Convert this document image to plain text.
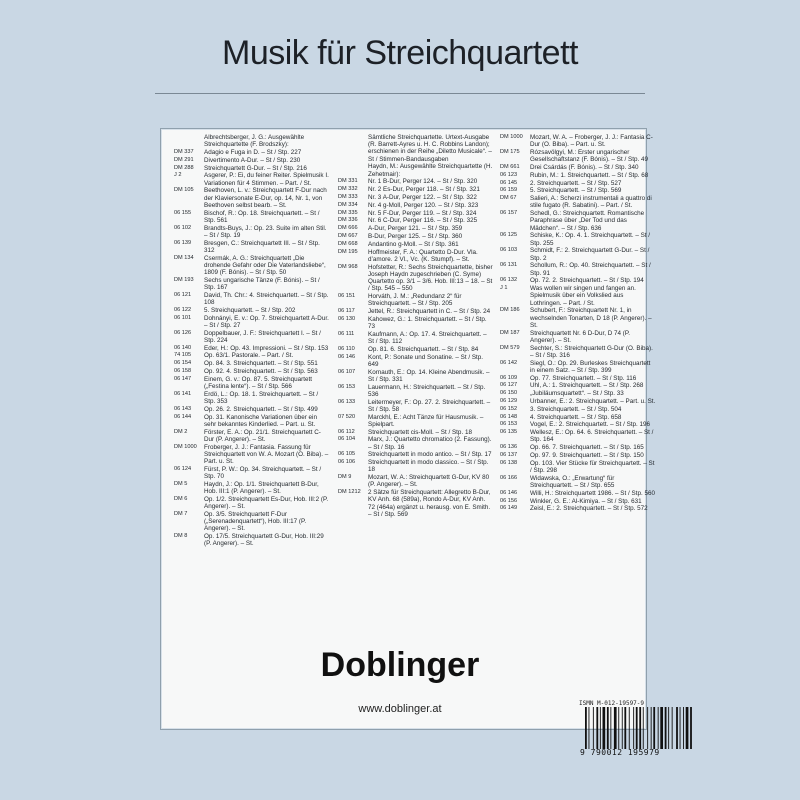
Musik für Streichquartett
Albrechtsberger, J. G.: Ausgewählte Streichquartette (F. Brodszky):
DM 337	Adagio e Fuga in D. – St / Stp. 227
DM 291	Divertimento A-Dur. – St / Stp. 230
DM 288	Streichquartett G-Dur. – St / Stp. 216
J 2	Asgerer, P.: Ei, du feiner Reiter. Spielmusik I. Variationen für 4 Stimmen. – Part. / St.
DM 105	Beethoven, L. v.: Streichquartett F-Dur nach der Klaviersonate E-Dur, op. 14, Nr. 1, von Beethoven selbst bearb. – St.
06 155	Bischof, R.: Op. 18. Streichquartett. – St / Stp. 561
06 102	Brandts-Buys, J.: Op. 23. Suite im alten Stil. – St / Stp. 19
06 139	Bresgen, C.: Streichquartett III. – St / Stp. 312
DM 134	Csermák, A. G.: Streichquartett „Die drohende Gefahr oder Die Vaterlandsliebe“, 1809 (F. Bónis). – St / Stp. 50
DM 193	Sechs ungarische Tänze (F. Bónis). – St / Stp. 167
06 121	David, Th. Chr.: 4. Streichquartett. – St / Stp. 108
06 122	5. Streichquartett. – St / Stp. 202
06 101	Dohnányi, E. v.: Op. 7. Streichquartett A-Dur. – St / Stp. 27
06 126	Doppelbauer, J. F.: Streichquartett I. – St / Stp. 224
06 140	Eder, H.: Op. 43. Impressioni. – St / Stp. 153
74 105	Op. 63/1. Pastorale. – Part. / St.
06 154	Op. 84. 3. Streichquartett. – St / Stp. 551
06 158	Op. 92. 4. Streichquartett. – St / Stp. 563
06 147	Einem, G. v.: Op. 87. 5. Streichquartett („Festina lente“). – St / Stp. 566
06 141	Erdö, L.: Op. 18. 1. Streichquartett. – St / Stp. 353
06 143	Op. 26. 2. Streichquartett. – St / Stp. 499
06 144	Op. 31. Kanonische Variationen über ein sehr bekanntes Kinderlied. – Part. u. St.
DM 2	Förster, E. A.: Op. 21/1. Streichquartett C-Dur (P. Angerer). – St.
DM 1000	Froberger, J. J.: Fantasia. Fassung für Streichquartett von W. A. Mozart (O. Biba). – Part. u. St.
06 124	Fürst, P. W.: Op. 34. Streichquartett. – St / Stp. 70
DM 5	Haydn, J.: Op. 1/1. Streichquartett B-Dur, Hob. III:1 (P. Angerer). – St.
DM 6	Op. 1/2. Streichquartett Es-Dur, Hob. III:2 (P. Angerer). – St.
DM 7	Op. 3/5. Streichquartett F-Dur („Serenadenquartett“), Hob. III:17 (P. Angerer). – St.
DM 8	Op. 17/5. Streichquartett G-Dur, Hob. III:29 (P. Angerer). – St.
Sämtliche Streichquartette. Urtext-Ausgabe (R. Barrett-Ayres u. H. C. Robbins Landon); erschienen in der Reihe „Diletto Musicale“. – St / Stimmen-Bandausgaben
Haydn, M.: Ausgewählte Streichquartette (H. Zehetmair):
DM 331	Nr. 1 B-Dur, Perger 124. – St / Stp. 320
DM 332	Nr. 2 Es-Dur, Perger 118. – St / Stp. 321
DM 333	Nr. 3 A-Dur, Perger 122. – St / Stp. 322
DM 334	Nr. 4 g-Moll, Perger 120. – St / Stp. 323
DM 335	Nr. 5 F-Dur, Perger 119. – St / Stp. 324
DM 336	Nr. 6 C-Dur, Perger 116. – St / Stp. 325
DM 666	A-Dur, Perger 121. – St / Stp. 359
DM 667	B-Dur, Perger 125. – St / Stp. 360
DM 668	Andantino g-Moll. – St / Stp. 361
DM 195	Hoffmeister, F. A.: Quartetto D-Dur. Vla. d’amore. 2 Vl., Vc. (K. Stumpf). – St.
DM 968	Hofstetter, R.: Sechs Streichquartette, bisher Joseph Haydn zugeschrieben (C. Syme) Quartetto op. 3/1 – 3/6. Hob. III:13 – 18. – St / Stp. 545 – 550
06 151	Horváth, J. M.: „Redundanz 2“ für Streichquartett. – St / Stp. 205
06 117	Jettel, R.: Streichquartett in C. – St / Stp. 24
06 130	Kahowez, G.: 1. Streichquartett. – St / Stp. 73
06 111	Kaufmann, A.: Op. 17. 4. Streichquartett. – St / Stp. 112
06 110	Op. 81. 6. Streichquartett. – St / Stp. 84
06 146	Kont, P.: Sonate und Sonatine. – St / Stp. 649
06 107	Kornauth, E.: Op. 14. Kleine Abendmusik. – St / Stp. 331
06 153	Lauermann, H.: Streichquartett. – St / Stp. 536
06 133	Leitermeyer, F.: Op. 27. 2. Streichquartett. – St / Stp. 58
07 520	Marckhl, E.: Acht Tänze für Hausmusik. – Spielpart.
06 112	Streichquartett cis-Moll. – St / Stp. 18
06 104	Marx, J.: Quartetto chromatico (2. Fassung). – St / Stp. 16
06 105	Streichquartett in modo antico. – St / Stp. 17
06 106	Streichquartett in modo classico. – St / Stp. 18
DM 9	Mozart, W. A.: Streichquartett G-Dur, KV 80 (P. Angerer). – St.
DM 1212	2 Sätze für Streichquartett: Allegretto B-Dur, KV Anh. 68 (589a), Rondo A-Dur, KV Anh. 72 (464a) ergänzt u. herausg. von E. Smith. – St / Stp. 569
DM 1000	Mozart, W. A. – Froberger, J. J.: Fantasia C-Dur (O. Biba). – Part. u. St.
DM 175	Rózsavölgyi, M.: Erster ungarischer Gesellschaftstanz (F. Bónis). – St / Stp. 49
DM 661	Drei Csárdás (F. Bónis). – St / Stp. 340
06 123	Rubin, M.: 1. Streichquartett. – St / Stp. 68
06 145	2. Streichquartett. – St / Stp. 527
06 159	5. Streichquartett. – St / Stp. 569
DM 67	Salieri, A.: Scherzi instrumentali a quattro di stile fugato (R. Sabatini). – Part. / St.
06 157	Schedl, G.: Streichquartett. Romantische Paraphrase über „Der Tod und das Mädchen“. – St / Stp. 636
06 125	Schiske, K.: Op. 4. 1. Streichquartett. – St / Stp. 255
06 103	Schmidt, F.: 2. Streichquartett G-Dur. – St / Stp. 2
06 131	Schollum, R.: Op. 40. Streichquartett. – St / Stp. 91
06 132	Op. 72. 2. Streichquartett. – St / Stp. 194
J 1	Was wollen wir singen und fangen an. Spielmusik über ein Volkslied aus Lothringen. – Part. / St.
DM 186	Schubert, F.: Streichquartett Nr. 1, in wechselnden Tonarten, D 18 (P. Angerer). – St.
DM 187	Streichquartett Nr. 6 D-Dur, D 74 (P. Angerer). – St.
DM 579	Sechter, S.: Streichquartett G-Dur (O. Biba). – St / Stp. 316
06 142	Siegl, O.: Op. 29. Burleskes Streichquartett in einem Satz. – St / Stp. 399
06 109	Op. 77. Streichquartett. – St / Stp. 116
06 127	Uhl, A.: 1. Streichquartett. – St / Stp. 268
06 150	„Jubiläumsquartett“. – St / Stp. 33
06 129	Urbanner, E.: 2. Streichquartett. – Part. u. St.
06 152	3. Streichquartett. – St / Stp. 504
06 148	4. Streichquartett. – St / Stp. 658
06 153	Vogel, E.: 2. Streichquartett. – St / Stp. 196
06 135	Wellesz, E.: Op. 64. 6. Streichquartett. – St / Stp. 164
06 136	Op. 66. 7. Streichquartett. – St / Stp. 165
06 137	Op. 97. 9. Streichquartett. – St / Stp. 150
06 138	Op. 103. Vier Stücke für Streichquartett. – St / Stp. 298
06 166	Widawska, O.: „Erwartung“ für Streichquartett. – St / Stp. 655
06 146	Willi, H.: Streichquartett 1986. – St / Stp. 560
06 156	Winkler, G. E.: Al-Kimiya. – St / Stp. 631
06 149	Zeisl, E.: 2. Streichquartett. – St / Stp. 572
Doblinger
www.doblinger.at	ISMN M-012-19597-9
9 790012 195979
